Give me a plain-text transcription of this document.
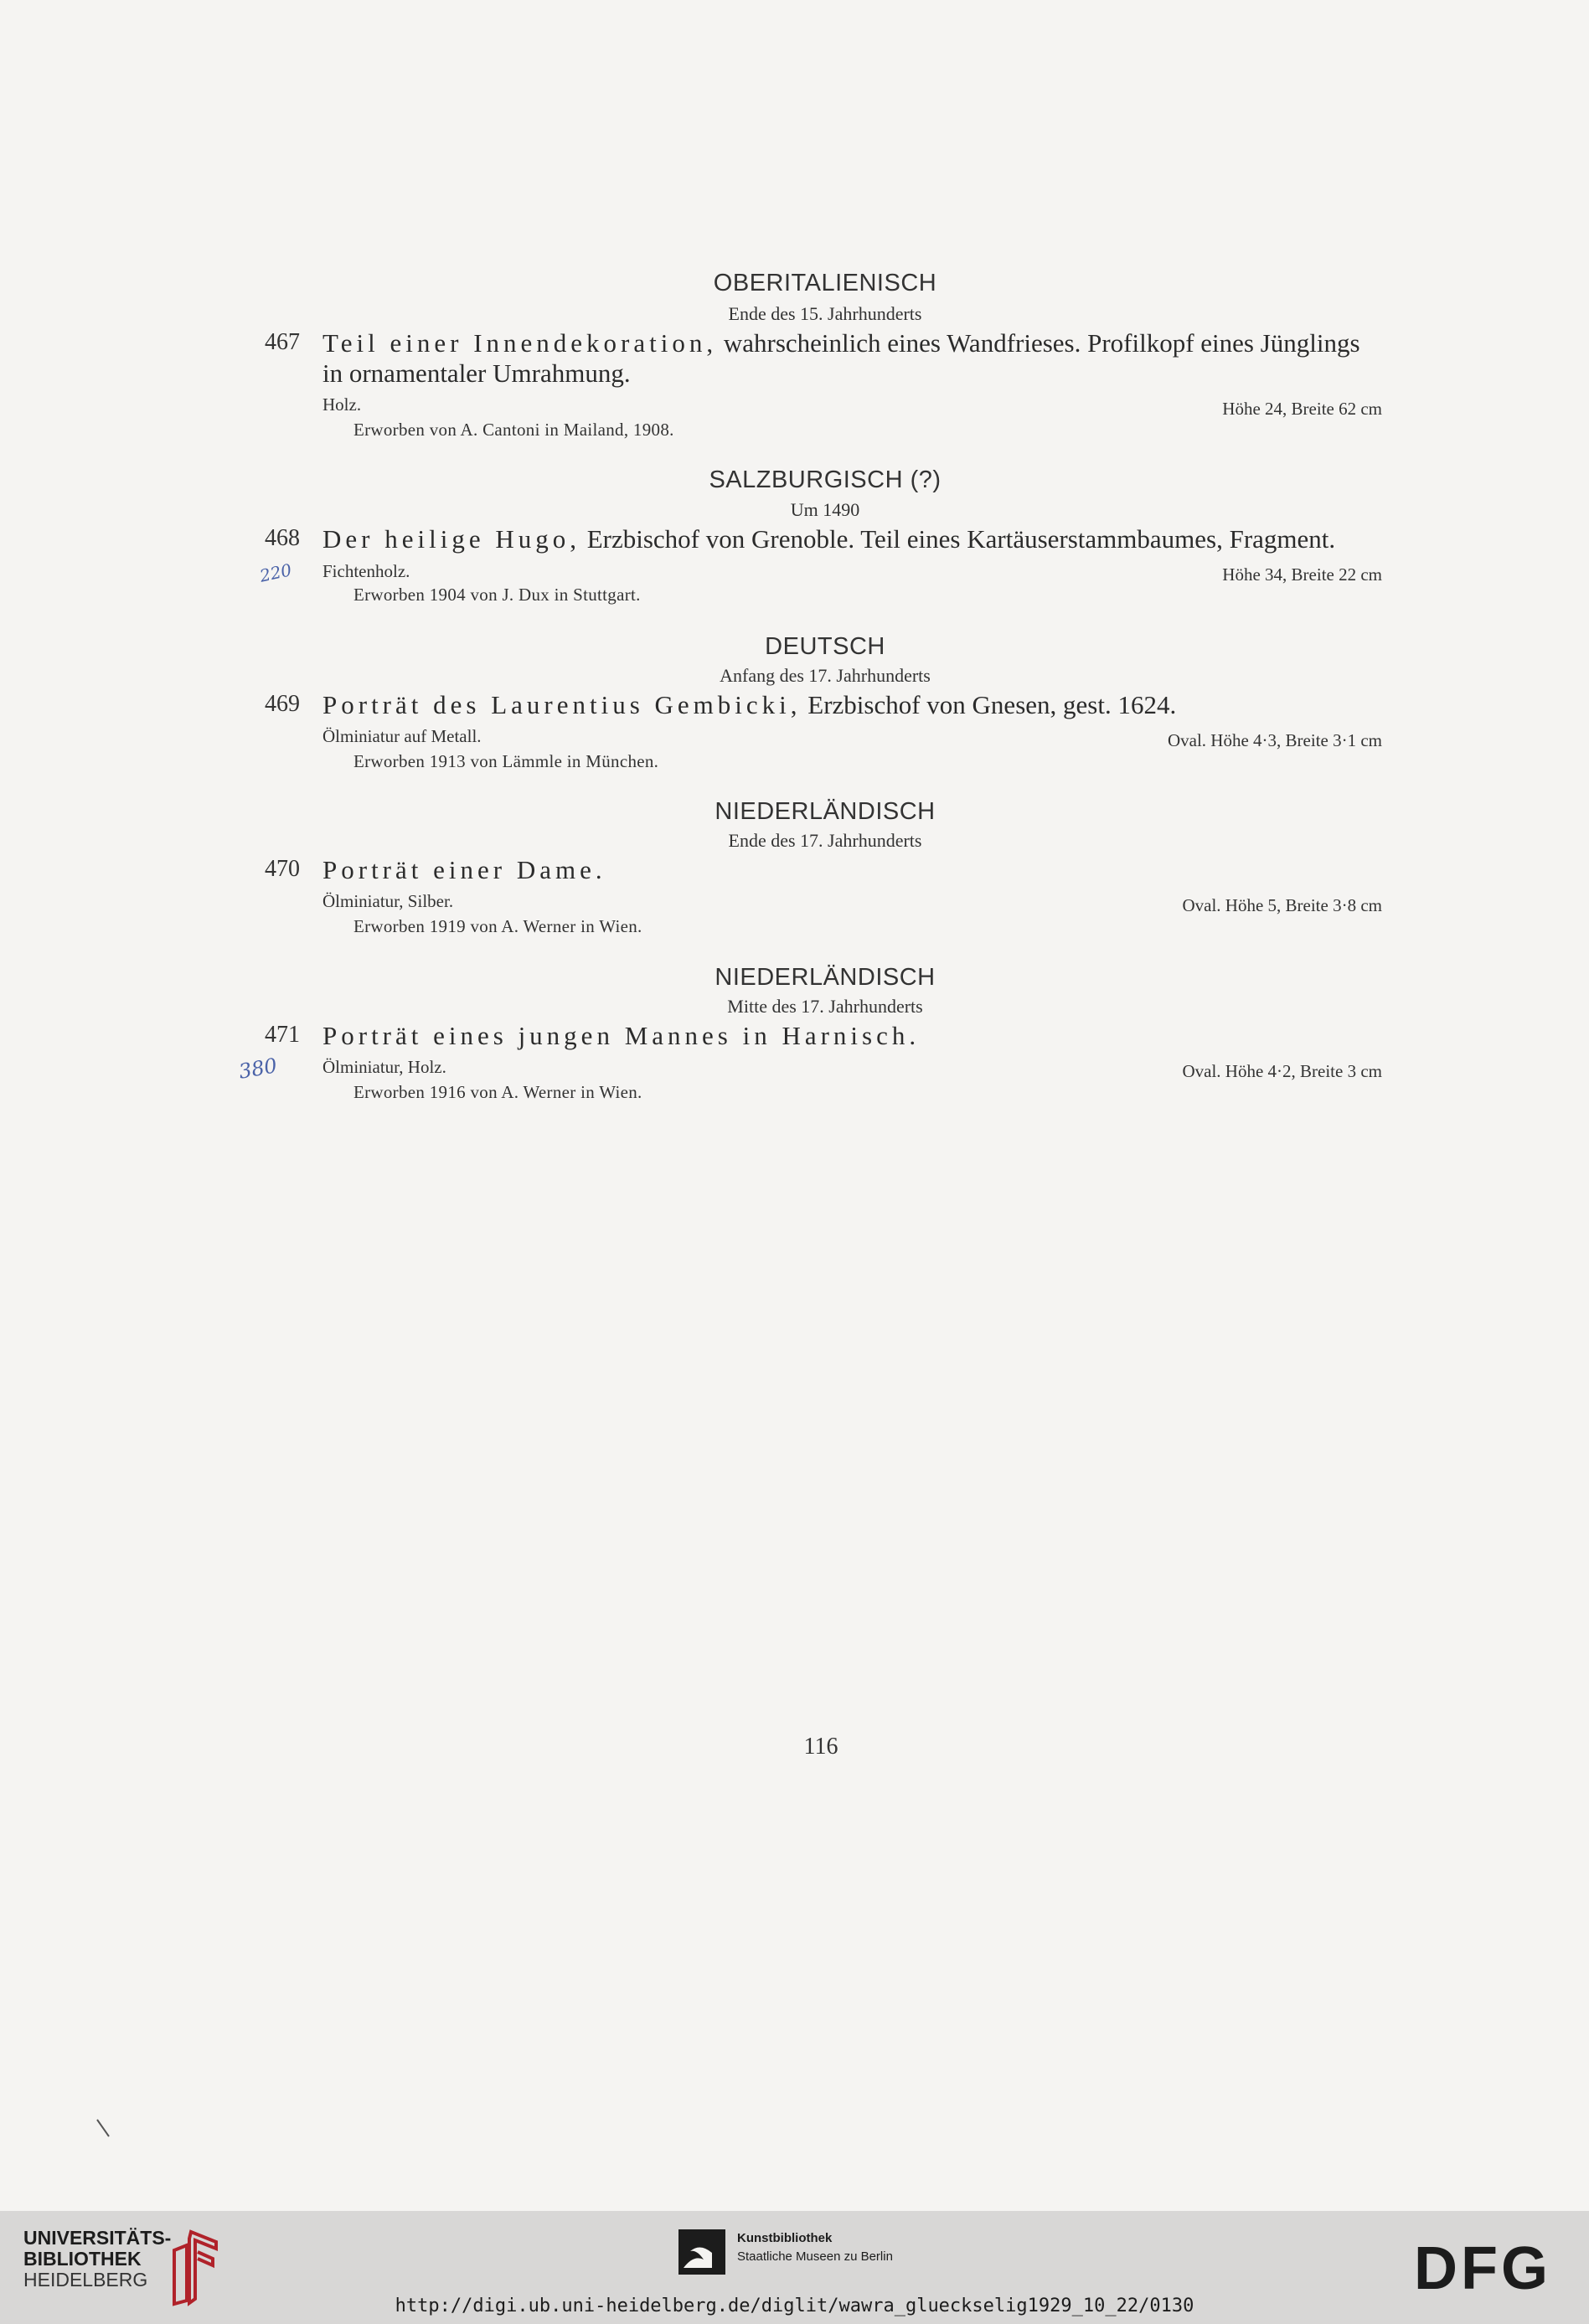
OBERITALIENISCH
Ende des 15. Jahrhunderts
467 Teil einer Innendekoration, wahrscheinlich eines Wandfrieses. Profilkopf eines Jünglings in ornamentaler Umrahmung.
Holz.	Höhe 24, Breite 62 cm
Erworben von A. Cantoni in Mailand, 1908.
SALZBURGISCH (?)
Um 1490
468 Der heilige Hugo, Erzbischof von Grenoble. Teil eines Kartäuserstammbaumes, Fragment.
220 Fichtenholz.	Höhe 34, Breite 22 cm
Erworben 1904 von J. Dux in Stuttgart.
DEUTSCH
Anfang des 17. Jahrhunderts
469 Porträt des Laurentius Gembicki, Erzbischof von Gnesen, gest. 1624.
Ölminiatur auf Metall.	Oval. Höhe 4·3, Breite 3·1 cm
Erworben 1913 von Lämmle in München.
NIEDERLÄNDISCH
Ende des 17. Jahrhunderts
470 Porträt einer Dame.
Ölminiatur, Silber.	Oval. Höhe 5, Breite 3·8 cm
Erworben 1919 von A. Werner in Wien.
NIEDERLÄNDISCH
Mitte des 17. Jahrhunderts
471 Porträt eines jungen Mannes in Harnisch.
380 Ölminiatur, Holz.	Oval. Höhe 4·2, Breite 3 cm
Erworben 1916 von A. Werner in Wien.
116
UNIVERSITÄTS-
BIBLIOTHEK
HEIDELBERG
Kunstbibliothek
Staatliche Museen zu Berlin	DFG
http://digi.ub.uni-heidelberg.de/diglit/wawra_glueckselig1929_10_22/0130
